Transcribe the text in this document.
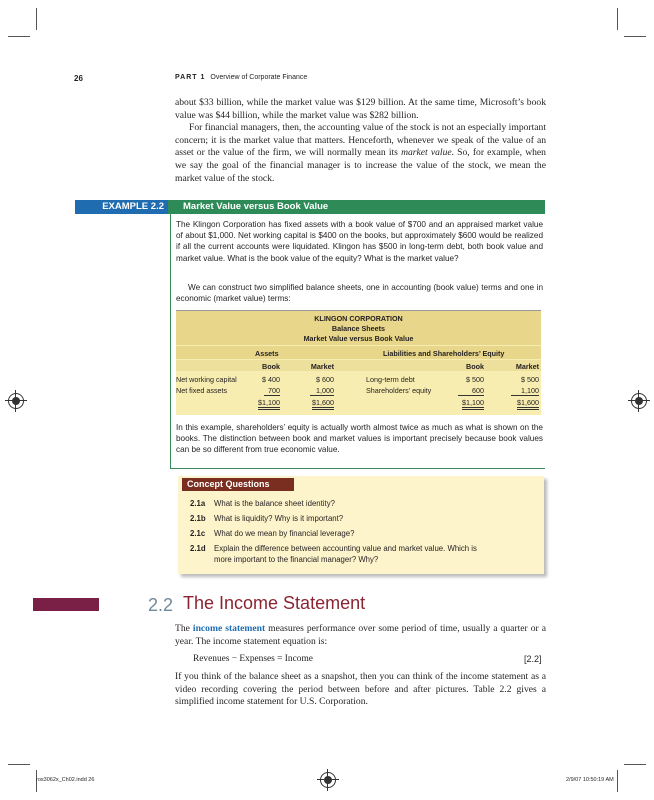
26	PART 1 Overview of Corporate Finance

about $33 billion, while the market value was $129 billion. At the same time, Microsoft’s book value was $44 billion, while the market value was $282 billion.

For financial managers, then, the accounting value of the stock is not an especially important concern; it is the market value that matters. Henceforth, whenever we speak of the value of an asset or the value of the firm, we will normally mean its market value. So, for example, when we say the goal of the financial manager is to increase the value of the stock, we mean the market value of the stock.

EXAMPLE 2.2	Market Value versus Book Value
The Klingon Corporation has fixed assets with a book value of $700 and an appraised market value of about $1,000. Net working capital is $400 on the books, but approximately $600 would be realized if all the current accounts were liquidated. Klingon has $500 in long-term debt, both book value and market value. What is the book value of the equity? What is the market value?
We can construct two simplified balance sheets, one in accounting (book value) terms and one in economic (market value) terms:
KLINGON CORPORATION
Balance Sheets
Market Value versus Book Value
Assets	Liabilities and Shareholders’ Equity
Book	Market	Book	Market
Net working capital	$ 400	$ 600	Long-term debt	$ 500	$ 500
Net fixed assets	700	1,000	Shareholders’ equity	600	1,100
$1,100	$1,600	$1,100	$1,600
In this example, shareholders’ equity is actually worth almost twice as much as what is shown on the books. The distinction between book and market values is important precisely because book values can be so different from true economic value.
Concept Questions
2.1a What is the balance sheet identity?
2.1b What is liquidity? Why is it important?
2.1c What do we mean by financial leverage?
2.1d Explain the difference between accounting value and market value. Which is
more important to the financial manager? Why?
2.2 The Income Statement
The income statement measures performance over some period of time, usually a quarter or a year. The income statement equation is:
Revenues − Expenses = Income	[2.2]
If you think of the balance sheet as a snapshot, then you can think of the income statement as a video recording covering the period between before and after pictures. Table 2.2 gives a simplified income statement for U.S. Corporation.
ros3062x_Ch02.indd 26	2/9/07 10:50:19 AM
